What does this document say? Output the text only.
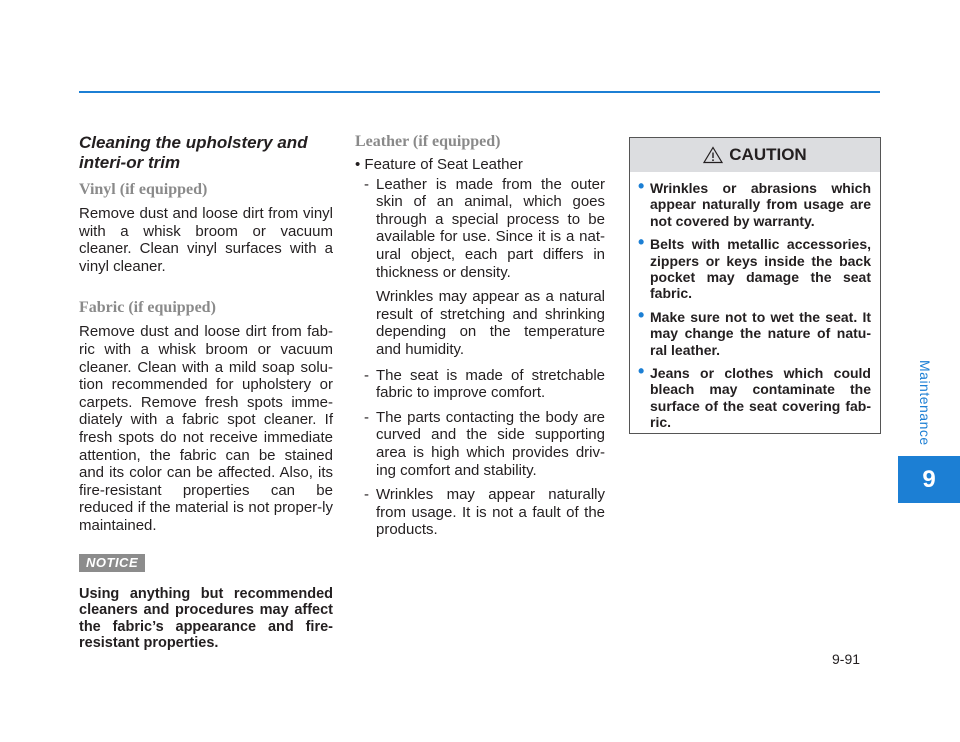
Cleaning the upholstery and interi-or trim

Vinyl (if equipped)

Remove dust and loose dirt from vinyl with a whisk broom or vacuum cleaner. Clean vinyl surfaces with a vinyl cleaner.

Fabric (if equipped)

Remove dust and loose dirt from fab-ric with a whisk broom or vacuum cleaner. Clean with a mild soap solu-tion recommended for upholstery or carpets. Remove fresh spots imme-diately with a fabric spot cleaner. If fresh spots do not receive immediate attention, the fabric can be stained and its color can be affected. Also, its fire-resistant properties can be reduced if the material is not proper-ly maintained.

NOTICE

Using anything but recommended cleaners and procedures may affect the fabric’s appearance and fire-resistant properties.

Leather (if equipped)

• Feature of Seat Leather

- Leather is made from the outer skin of an animal, which goes through a special process to be available for use. Since it is a nat-ural object, each part differs in thickness or density.

Wrinkles may appear as a natural result of stretching and shrinking depending on the temperature and humidity.

- The seat is made of stretchable fabric to improve comfort.

- The parts contacting the body are curved and the side supporting area is high which provides driv-ing comfort and stability.

- Wrinkles may appear naturally from usage. It is not a fault of the products.

CAUTION

• Wrinkles or abrasions which appear naturally from usage are not covered by warranty.

• Belts with metallic accessories, zippers or keys inside the back pocket may damage the seat fabric.

• Make sure not to wet the seat. It may change the nature of natu-ral leather.

• Jeans or clothes which could bleach may contaminate the surface of the seat covering fab-ric.	Maintenance
9
9-91
